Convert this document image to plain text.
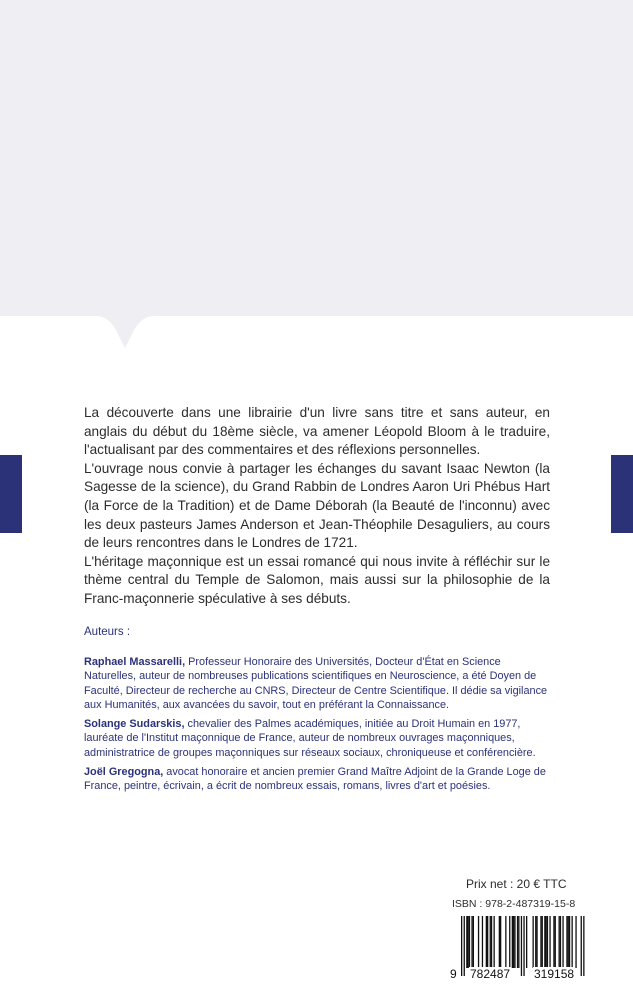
La découverte dans une librairie d'un livre sans titre et sans auteur, en anglais du début du 18ème siècle, va amener Léopold Bloom à le traduire, l'actualisant par des commentaires et des réflexions personnelles.

L'ouvrage nous convie à partager les échanges du savant Isaac Newton (la Sagesse de la science), du Grand Rabbin de Londres Aaron Uri Phébus Hart (la Force de la Tradition) et de Dame Déborah (la Beauté de l'inconnu) avec les deux pasteurs James Anderson et Jean-Théophile Desaguliers, au cours de leurs rencontres dans le Londres de 1721.

L'héritage maçonnique est un essai romancé qui nous invite à réfléchir sur le thème central du Temple de Salomon, mais aussi sur la philosophie de la Franc-maçonnerie spéculative à ses débuts.

Auteurs :

Raphael Massarelli, Professeur Honoraire des Universités, Docteur d'État en Science Naturelles, auteur de nombreuses publications scientifiques en Neuroscience, a été Doyen de Faculté, Directeur de recherche au CNRS, Directeur de Centre Scientifique. Il dédie sa vigilance aux Humanités, aux avancées du savoir, tout en préférant la Connaissance.

Solange Sudarskis, chevalier des Palmes académiques, initiée au Droit Humain en 1977, lauréate de l'Institut maçonnique de France, auteur de nombreux ouvrages maçonniques, administratrice de groupes maçonniques sur réseaux sociaux, chroniqueuse et conférencière.

Joël Gregogna, avocat honoraire et ancien premier Grand Maître Adjoint de la Grande Loge de France, peintre, écrivain, a écrit de nombreux essais, romans, livres d'art et poésies.

Prix net : 20 € TTC
ISBN : 978-2-487319-15-8
9 782487 319158
